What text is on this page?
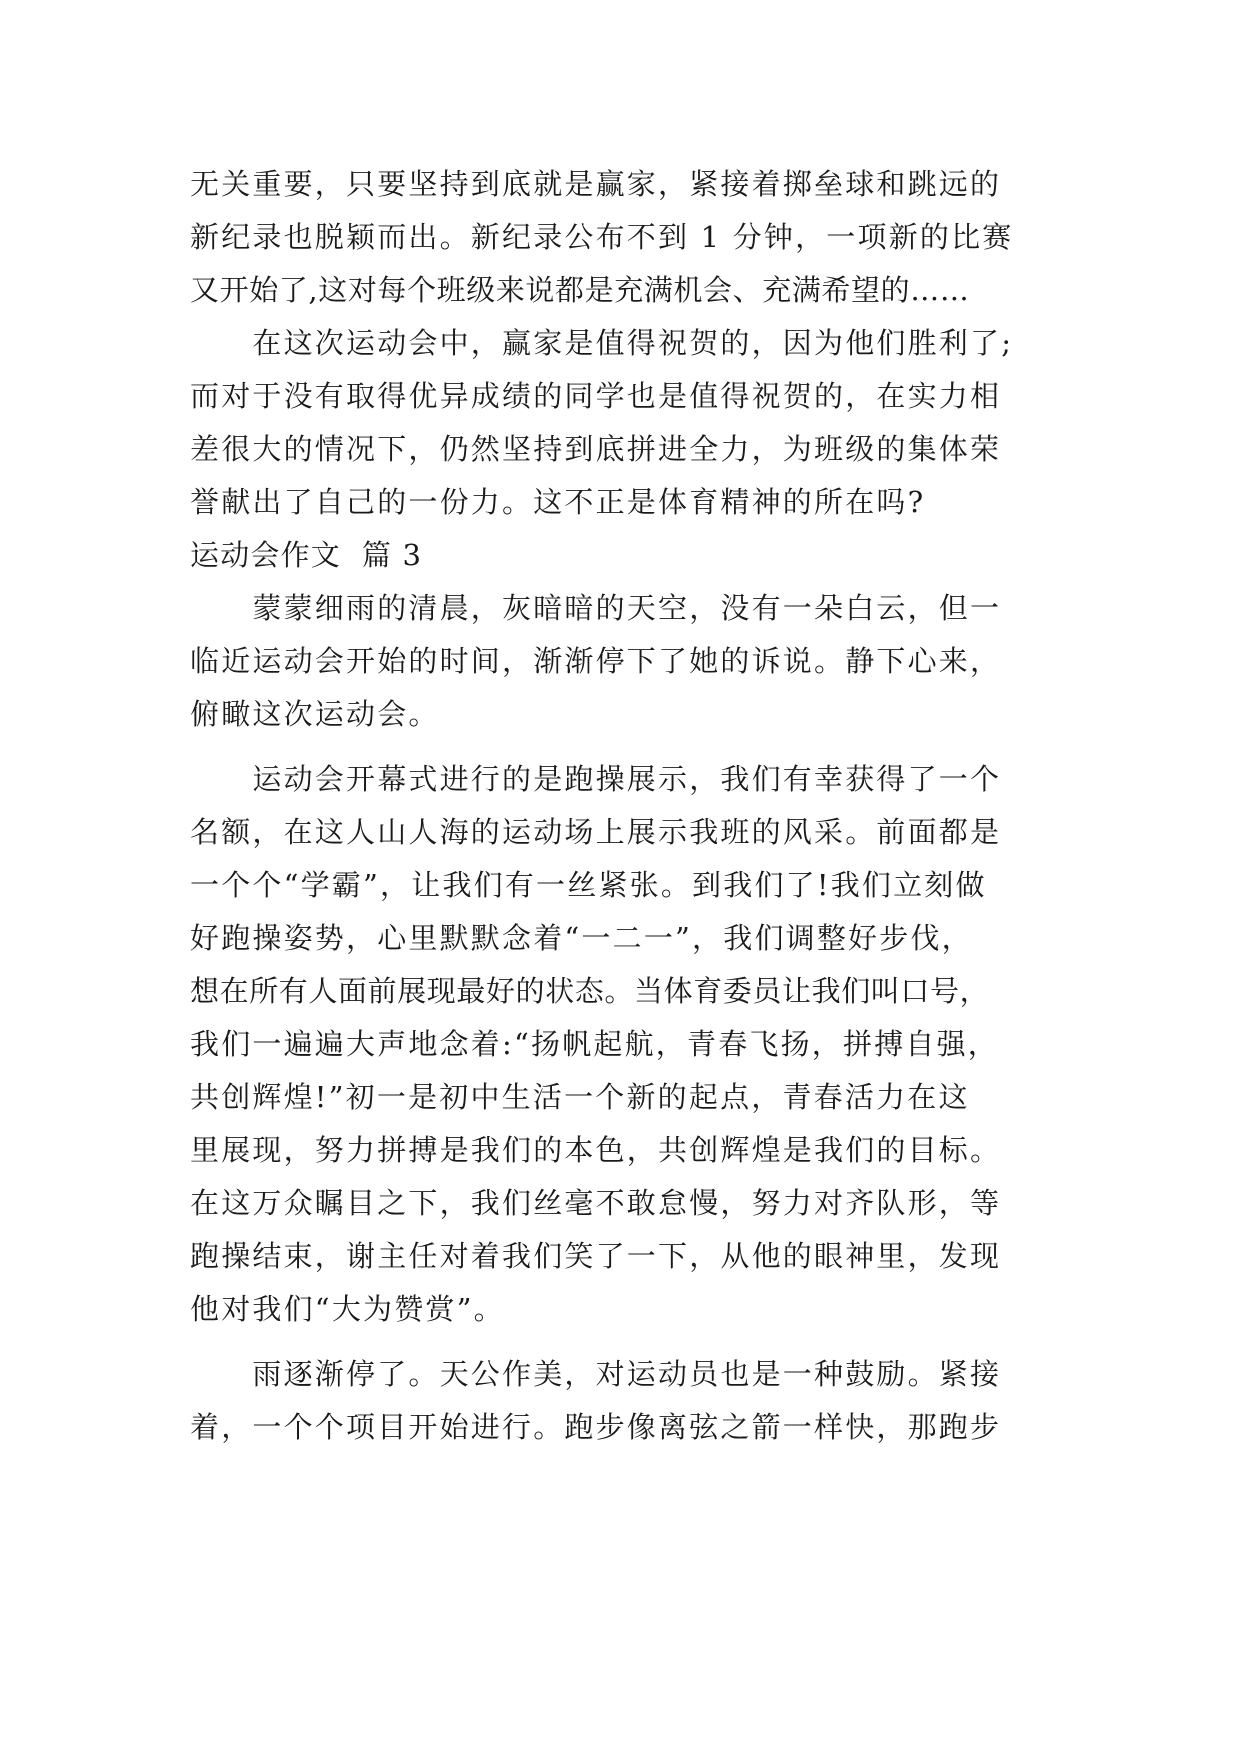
无关重要，只要坚持到底就是赢家，紧接着掷垒球和跳远的
新纪录也脱颖而出。新纪录公布不到 1 分钟，一项新的比赛
又开始了,这对每个班级来说都是充满机会、充满希望的……
　　在这次运动会中，赢家是值得祝贺的，因为他们胜利了;
而对于没有取得优异成绩的同学也是值得祝贺的，在实力相
差很大的情况下，仍然坚持到底拼进全力，为班级的集体荣
誉献出了自己的一份力。这不正是体育精神的所在吗?
运动会作文  篇 3
　　蒙蒙细雨的清晨，灰暗暗的天空，没有一朵白云，但一
临近运动会开始的时间，渐渐停下了她的诉说。静下心来，
俯瞰这次运动会。
　　运动会开幕式进行的是跑操展示，我们有幸获得了一个
名额，在这人山人海的运动场上展示我班的风采。前面都是
一个个“学霸”，让我们有一丝紧张。到我们了!我们立刻做
好跑操姿势，心里默默念着“一二一”，我们调整好步伐，
想在所有人面前展现最好的状态。当体育委员让我们叫口号，
我们一遍遍大声地念着:“扬帆起航，青春飞扬，拼搏自强，
共创辉煌!”初一是初中生活一个新的起点，青春活力在这
里展现，努力拼搏是我们的本色，共创辉煌是我们的目标。
在这万众瞩目之下，我们丝毫不敢怠慢，努力对齐队形，等
跑操结束，谢主任对着我们笑了一下，从他的眼神里，发现
他对我们“大为赞赏”。
　　雨逐渐停了。天公作美，对运动员也是一种鼓励。紧接
着，一个个项目开始进行。跑步像离弦之箭一样快，那跑步
